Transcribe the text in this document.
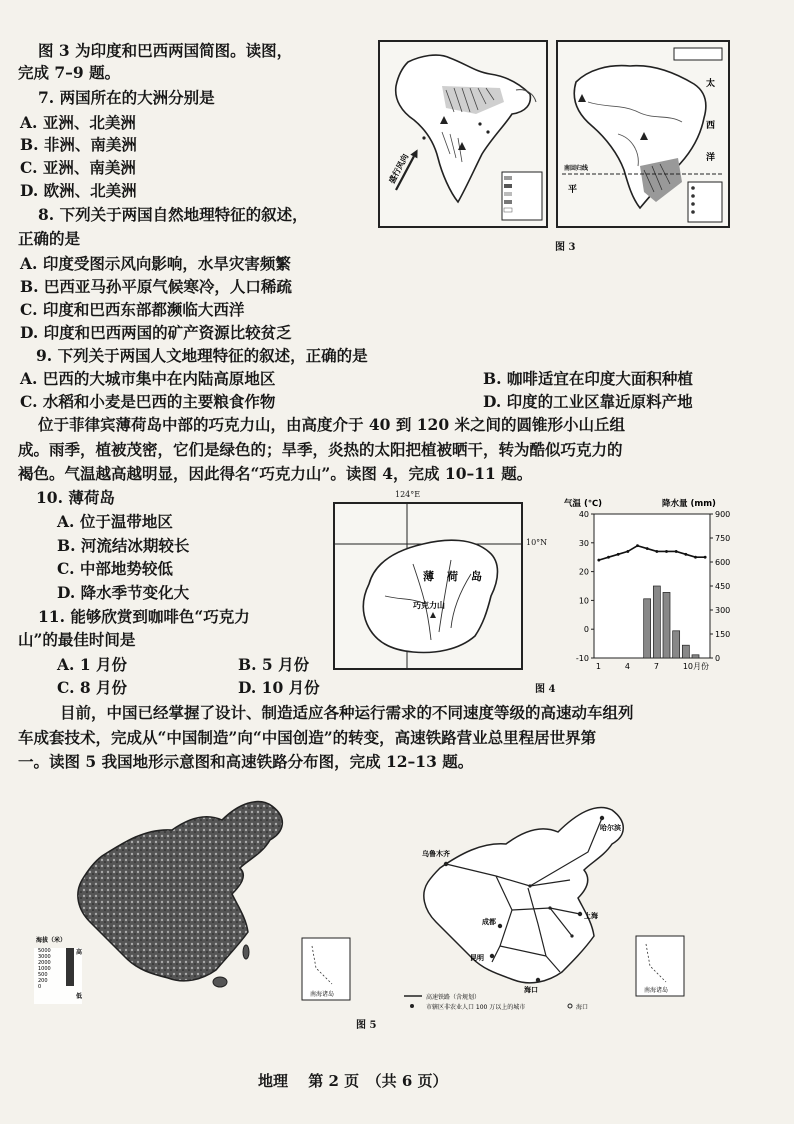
图 3 为印度和巴西两国简图。读图，
完成 7–9 题。
7. 两国所在的大洲分别是
A. 亚洲、北美洲
B. 非洲、南美洲
C. 亚洲、南美洲
D. 欧洲、北美洲
8. 下列关于两国自然地理特征的叙述，
正确的是
A. 印度受图示风向影响，水旱灾害频繁
B. 巴西亚马孙平原气候寒冷，人口稀疏
C. 印度和巴西东部都濒临大西洋
D. 印度和巴西两国的矿产资源比较贫乏
9. 下列关于两国人文地理特征的叙述，正确的是
A. 巴西的大城市集中在内陆高原地区	B. 咖啡适宜在印度大面积种植
C. 水稻和小麦是巴西的主要粮食作物	D. 印度的工业区靠近原料产地
位于菲律宾薄荷岛中部的巧克力山，由高度介于 40 到 120 米之间的圆锥形小山丘组
成。雨季，植被茂密，它们是绿色的；旱季，炎热的太阳把植被晒干，转为酷似巧克力的
褐色。气温越高越明显，因此得名“巧克力山”。读图 4，完成 10–11 题。
10. 薄荷岛
A. 位于温带地区
B. 河流结冰期较长
C. 中部地势较低
D. 降水季节变化大
11. 能够欣赏到咖啡色“巧克力
山”的最佳时间是
A. 1 月份	B. 5 月份
C. 8 月份	D. 10 月份
目前，中国已经掌握了设计、制造适应各种运行需求的不同速度等级的高速动车组列
车成套技术，完成从“中国制造”向“中国创造”的转变，高速铁路营业总里程居世界第
一。读图 5 我国地形示意图和高速铁路分布图，完成 12–13 题。
盛行风向
太
西
洋
南回归线
平
图 3
薄 荷 岛
巧克力山
124°E
10°N
40
30
20
10
0
-10
900
750
600
450
300
150
0
1	4	7	10月份
气温 (℃)	降水量 (mm)
图 4
海拔（米）
高
低
5000
3000
2000
1000
500
200
0
南海诸岛
乌鲁木齐
哈尔滨
上海
成都
昆明
海口	南海诸岛
高速铁路（含规划）
市辖区非农业人口 100 万以上的城市	海口
图 5
地理　 第 2 页　（共 6 页）
